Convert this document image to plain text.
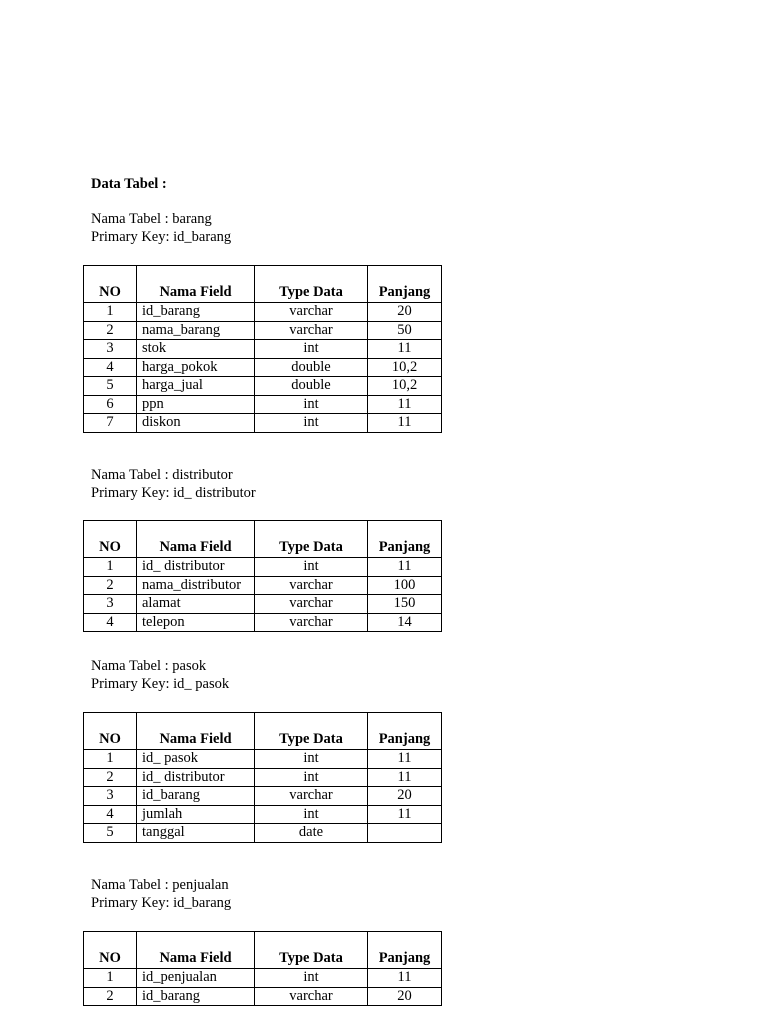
Data Tabel :
Nama Tabel : barang
Primary Key: id_barang
NO	Nama Field	Type Data	Panjang
1	id_barang	varchar	20
2	nama_barang	varchar	50
3	stok	int	11
4	harga_pokok	double	10,2
5	harga_jual	double	10,2
6	ppn	int	11
7	diskon	int	11
Nama Tabel : distributor
Primary Key: id_ distributor
NO	Nama Field	Type Data	Panjang
1	id_ distributor	int	11
2	nama_distributor	varchar	100
3	alamat	varchar	150
4	telepon	varchar	14
Nama Tabel : pasok
Primary Key: id_ pasok
NO	Nama Field	Type Data	Panjang
1	id_ pasok	int	11
2	id_ distributor	int	11
3	id_barang	varchar	20
4	jumlah	int	11
5	tanggal	date	
Nama Tabel : penjualan
Primary Key: id_barang
NO	Nama Field	Type Data	Panjang
1	id_penjualan	int	11
2	id_barang	varchar	20
